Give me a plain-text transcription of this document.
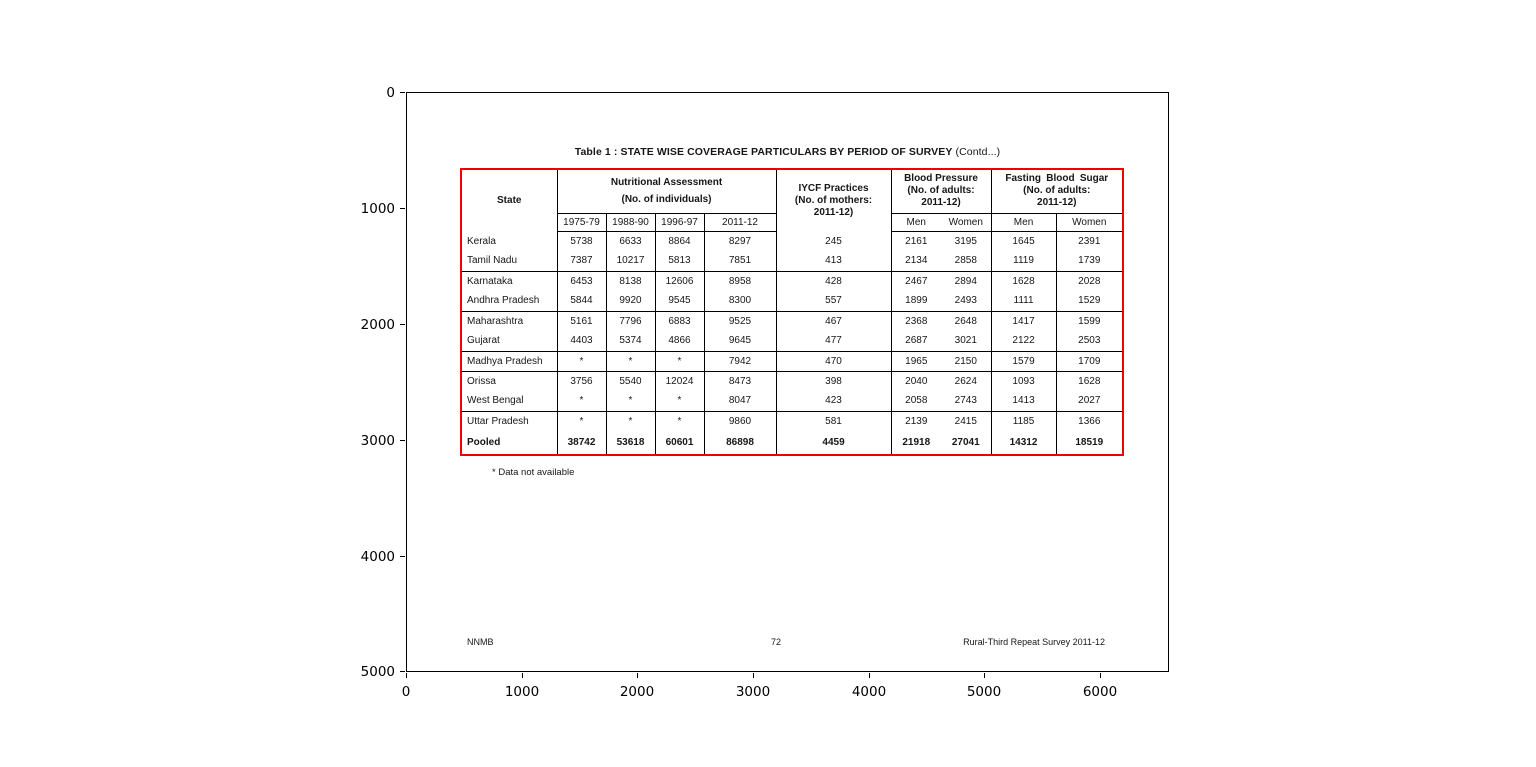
0
1000
2000
3000
4000
5000
0	1000	2000	3000	4000	5000	6000
Table 1 : STATE WISE COVERAGE PARTICULARS BY PERIOD OF SURVEY (Contd...)
State	
Nutritional Assessment
(No. of individuals)

IYCF Practices
(No. of mothers:
2011-12)

Blood Pressure
(No. of adults:
2011-12)

Fasting Blood Sugar
(No. of adults:
2011-12)

	1975-79	1988-90	1996-97	2011-12		Men	Women	Men	Women
Kerala	5738	6633	8864	8297	245	2161	3195	1645	2391
Tamil Nadu	7387	10217	5813	7851	413	2134	2858	1119	1739
Karnataka	6453	8138	12606	8958	428	2467	2894	1628	2028
Andhra Pradesh	5844	9920	9545	8300	557	1899	2493	1111	1529
Maharashtra	5161	7796	6883	9525	467	2368	2648	1417	1599
Gujarat	4403	5374	4866	9645	477	2687	3021	2122	2503
Madhya Pradesh	*	*	*	7942	470	1965	2150	1579	1709
Orissa	3756	5540	12024	8473	398	2040	2624	1093	1628
West Bengal	*	*	*	8047	423	2058	2743	1413	2027
Uttar Pradesh	*	*	*	9860	581	2139	2415	1185	1366
Pooled	38742	53618	60601	86898	4459	21918	27041	14312	18519
* Data not available
NNMB	72	Rural-Third Repeat Survey 2011-12
